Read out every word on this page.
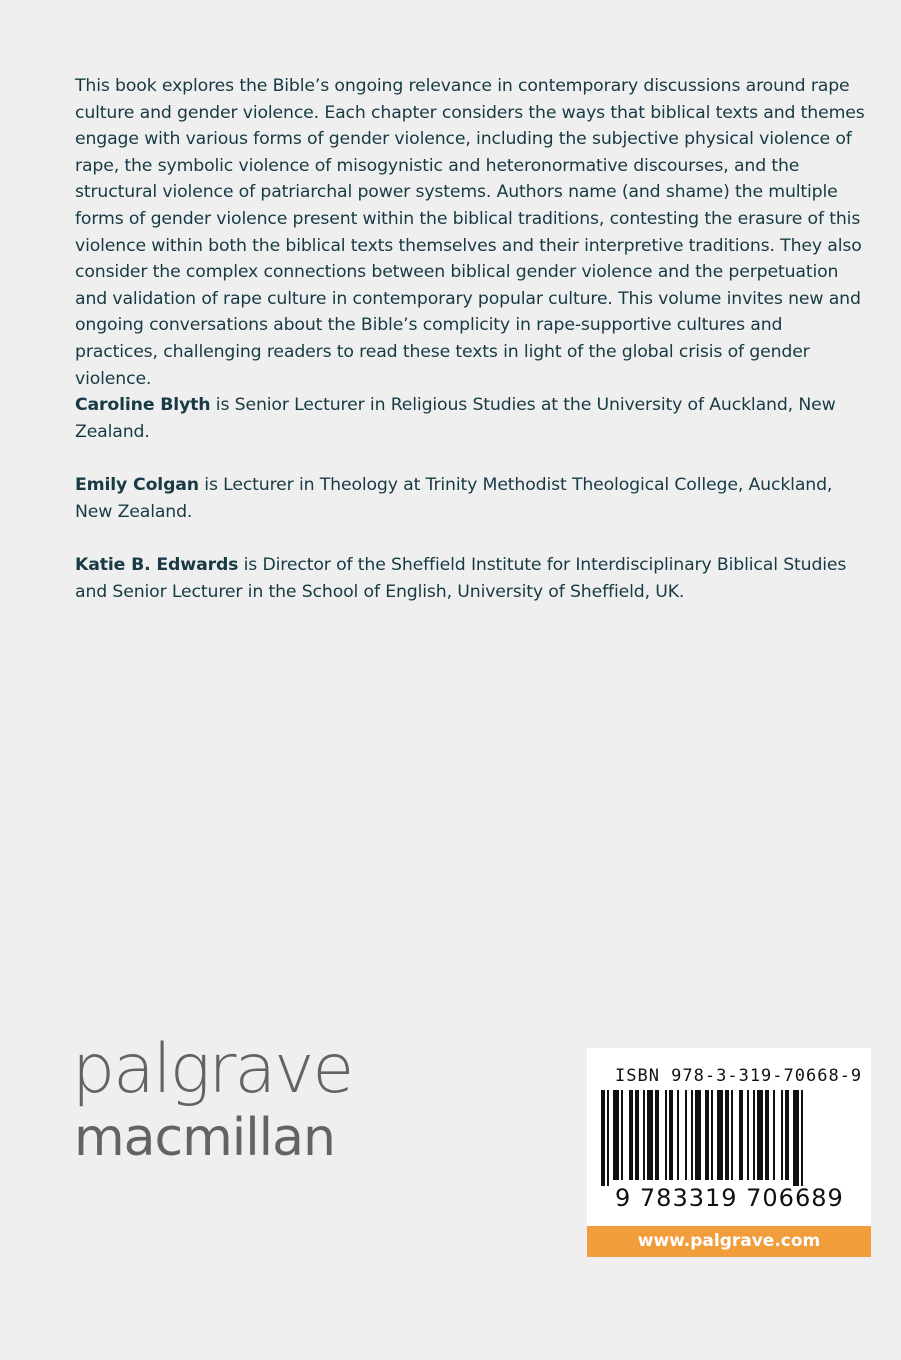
This book explores the Bible’s ongoing relevance in contemporary discussions around rape culture and gender violence. Each chapter considers the ways that biblical texts and themes engage with various forms of gender violence, including the subjective physical violence of rape, the symbolic violence of misogynistic and heteronormative discourses, and the structural violence of patriarchal power systems. Authors name (and shame) the multiple forms of gender violence present within the biblical traditions, contesting the erasure of this violence within both the biblical texts themselves and their interpretive traditions. They also consider the complex connections between biblical gender violence and the perpetuation and validation of rape culture in contemporary popular culture. This volume invites new and ongoing conversations about the Bible’s complicity in rape-supportive cultures and practices, challenging readers to read these texts in light of the global crisis of gender violence.

Caroline Blyth is Senior Lecturer in Religious Studies at the University of Auckland, New Zealand.

Emily Colgan is Lecturer in Theology at Trinity Methodist Theological College, Auckland, New Zealand.

Katie B. Edwards is Director of the Sheffield Institute for Interdisciplinary Biblical Studies and Senior Lecturer in the School of English, University of Sheffield, UK.

palgrave
macmillan
ISBN 978-3-319-70668-9
9 783319 706689
www.palgrave.com
